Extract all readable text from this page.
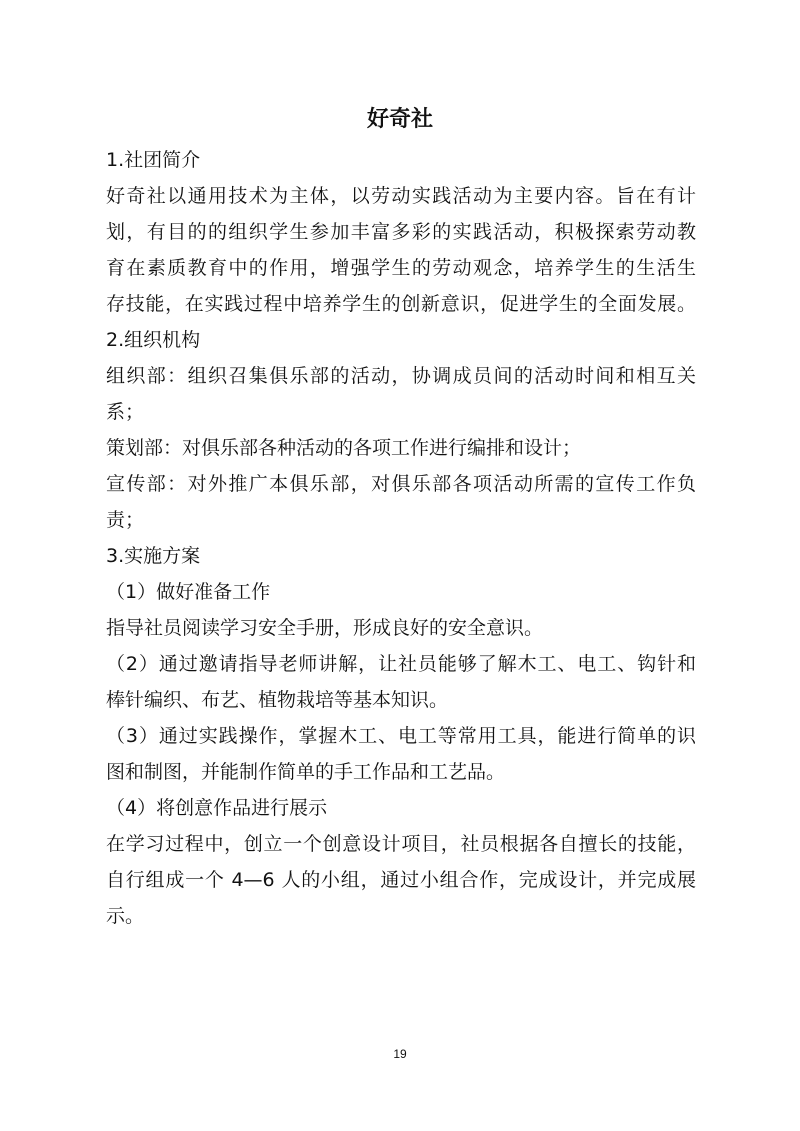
好奇社
1.社团简介
好奇社以通用技术为主体，以劳动实践活动为主要内容。旨在有计
划，有目的的组织学生参加丰富多彩的实践活动，积极探索劳动教
育在素质教育中的作用，增强学生的劳动观念，培养学生的生活生
存技能，在实践过程中培养学生的创新意识，促进学生的全面发展。
2.组织机构
组织部：组织召集俱乐部的活动，协调成员间的活动时间和相互关
系；
策划部：对俱乐部各种活动的各项工作进行编排和设计；
宣传部：对外推广本俱乐部，对俱乐部各项活动所需的宣传工作负
责；
3.实施方案
（1）做好准备工作
指导社员阅读学习安全手册，形成良好的安全意识。
（2）通过邀请指导老师讲解，让社员能够了解木工、电工、钩针和
棒针编织、布艺、植物栽培等基本知识。
（3）通过实践操作，掌握木工、电工等常用工具，能进行简单的识
图和制图，并能制作简单的手工作品和工艺品。
（4）将创意作品进行展示
在学习过程中，创立一个创意设计项目，社员根据各自擅长的技能，
自行组成一个 4—6 人的小组，通过小组合作，完成设计，并完成展
示。
19
